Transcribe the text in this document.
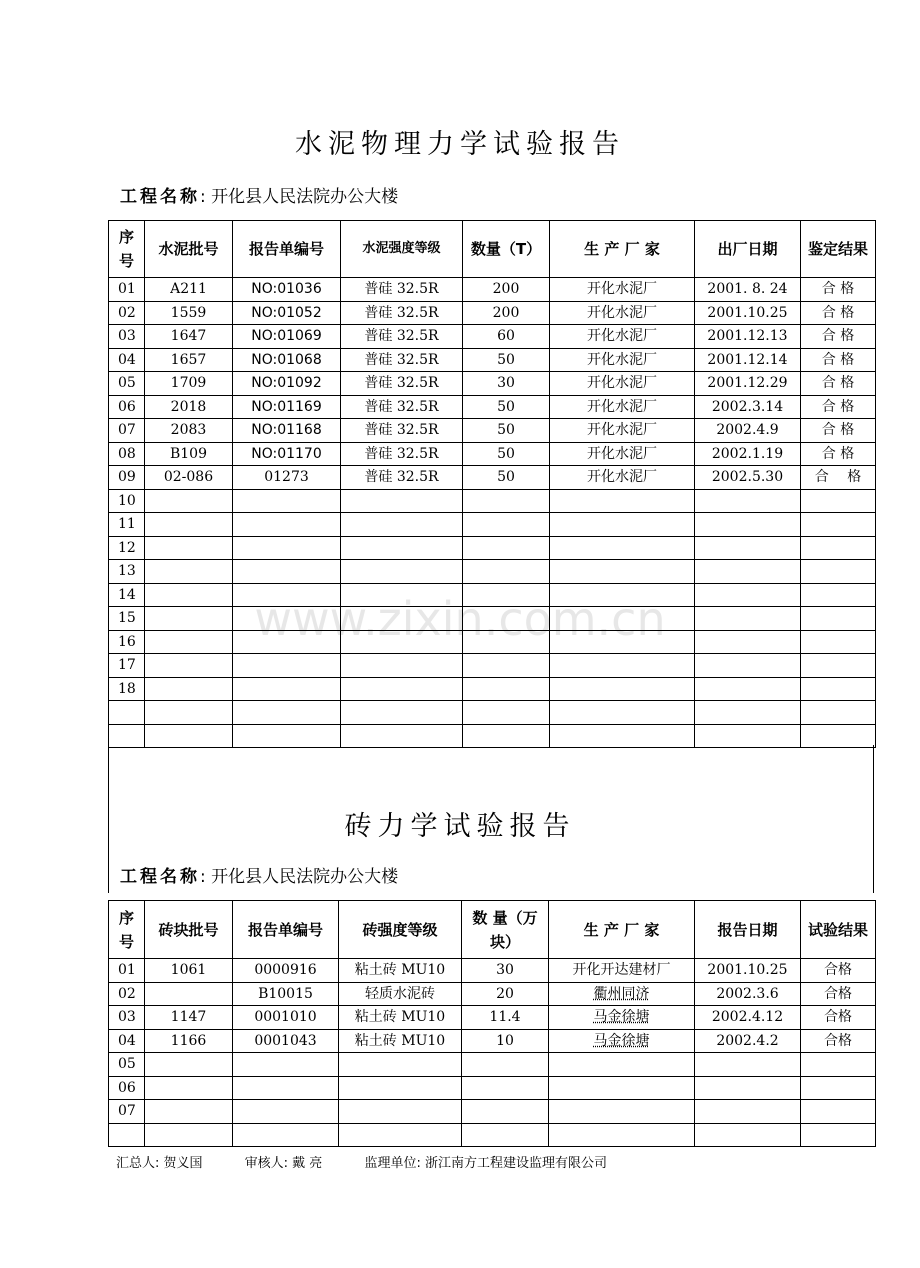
www.zixin.com.cn
水泥物理力学试验报告
工程名称: 开化县人民法院办公大楼
序号	水泥批号	报告单编号	水泥强度等级	数量（T）	生 产 厂 家	出厂日期	鉴定结果
01	A211	NO:01036	普硅 32.5R	200	开化水泥厂	2001. 8. 24	合 格
02	1559	NO:01052	普硅 32.5R	200	开化水泥厂	2001.10.25	合 格
03	1647	NO:01069	普硅 32.5R	60	开化水泥厂	2001.12.13	合 格
04	1657	NO:01068	普硅 32.5R	50	开化水泥厂	2001.12.14	合 格
05	1709	NO:01092	普硅 32.5R	30	开化水泥厂	2001.12.29	合 格
06	2018	NO:01169	普硅 32.5R	50	开化水泥厂	2002.3.14	合 格
07	2083	NO:01168	普硅 32.5R	50	开化水泥厂	2002.4.9	合 格
08	B109	NO:01170	普硅 32.5R	50	开化水泥厂	2002.1.19	合 格
09	02-086	01273	普硅 32.5R	50	开化水泥厂	2002.5.30	合　 格
10							
11							
12							
13							
14							
15							
16							
17							
18							

砖力学试验报告
工程名称: 开化县人民法院办公大楼
序号	砖块批号	报告单编号	砖强度等级	数 量（万块）	生 产 厂 家	报告日期	试验结果
01	1061	0000916	粘土砖 MU10	30	开化开达建材厂	2001.10.25	合格
02		B10015	轻质水泥砖	20	衢州同济	2002.3.6	合格
03	1147	0001010	粘土砖 MU10	11.4	马金徐塘	2002.4.12	合格
04	1166	0001043	粘土砖 MU10	10	马金徐塘	2002.4.2	合格
05							
06							
07							

汇总人: 贺义国	审核人: 戴 亮	监理单位: 浙江南方工程建设监理有限公司
